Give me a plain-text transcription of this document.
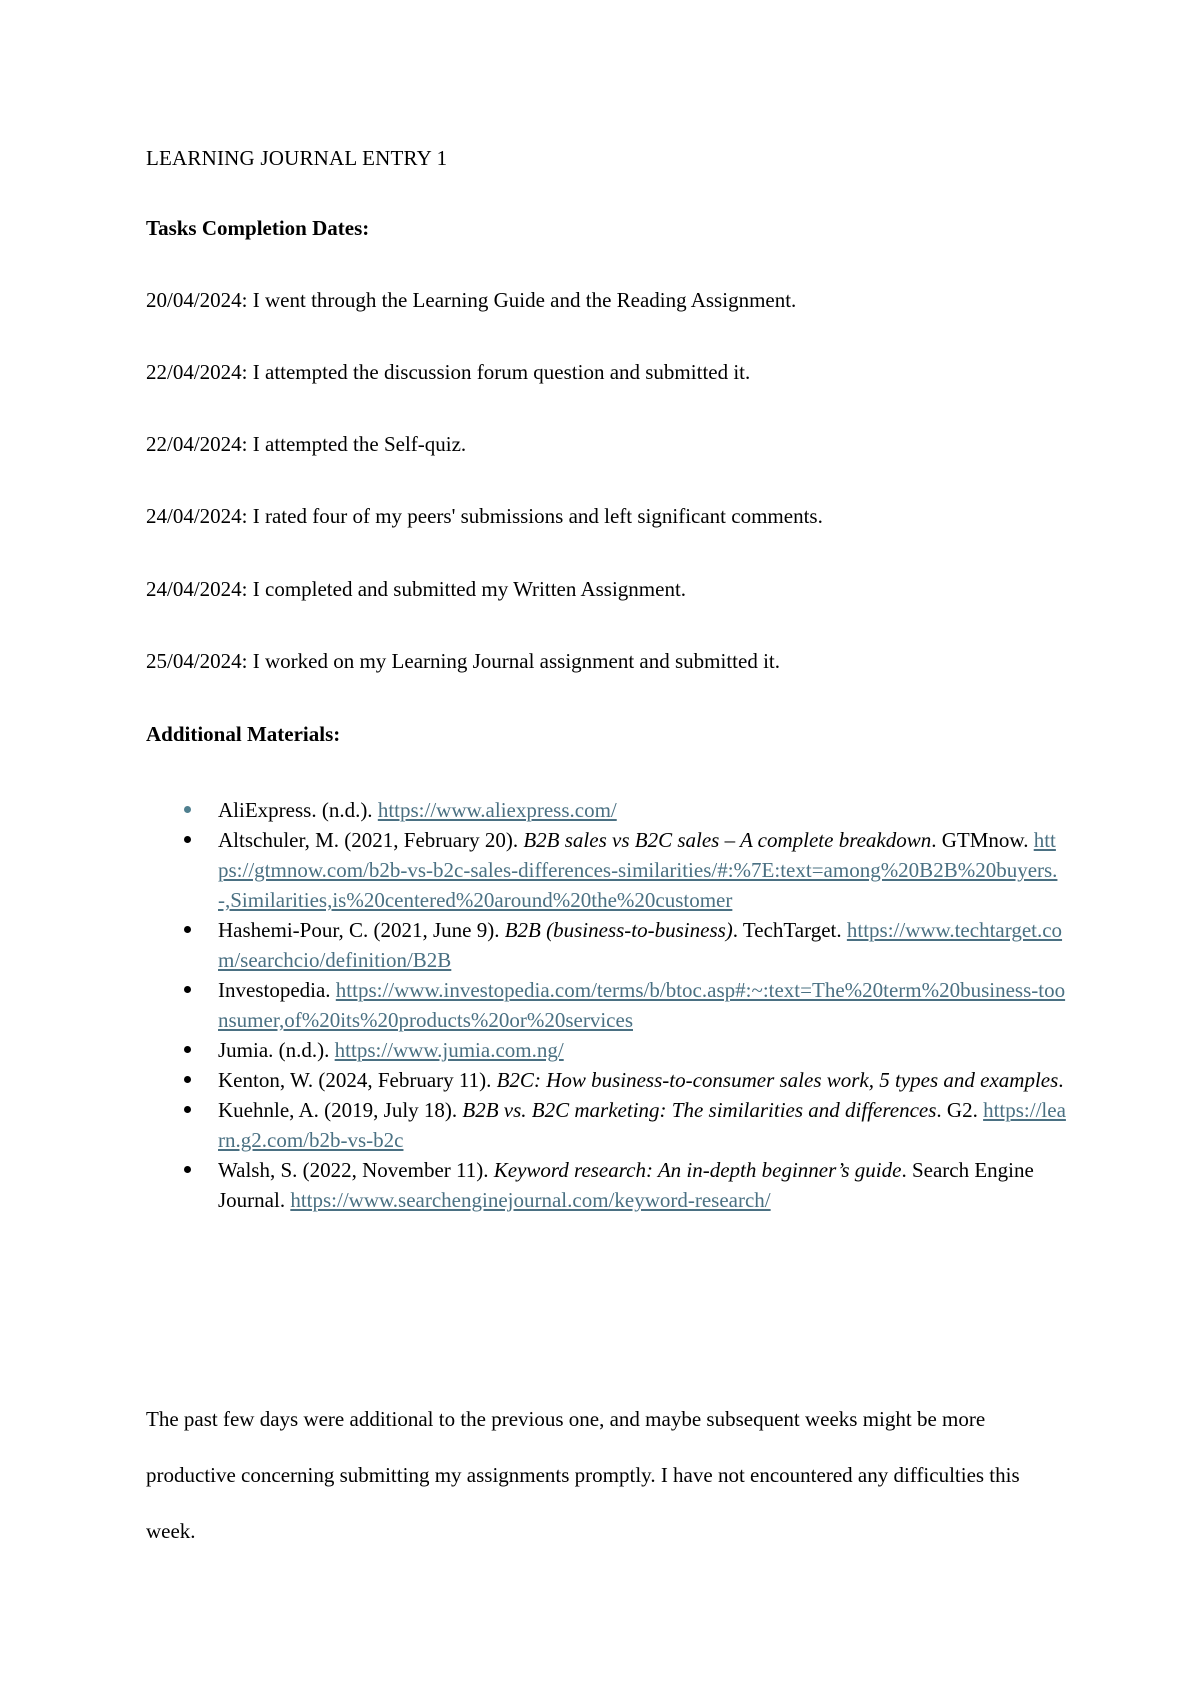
LEARNING JOURNAL ENTRY 1
Tasks Completion Dates:
20/04/2024: I went through the Learning Guide and the Reading Assignment.
22/04/2024: I attempted the discussion forum question and submitted it.
22/04/2024: I attempted the Self-quiz.
24/04/2024: I rated four of my peers' submissions and left significant comments.
24/04/2024: I completed and submitted my Written Assignment.
25/04/2024: I worked on my Learning Journal assignment and submitted it.
Additional Materials:
AliExpress. (n.d.). https://www.aliexpress.com/
Altschuler, M. (2021, February 20). B2B sales vs B2C sales – A complete breakdown. GTMnow. https://gtmnow.com/b2b-vs-b2c-sales-differences-similarities/#:%7E:text=among%20B2B%20buyers.-,Similarities,is%20centered%20around%20the%20customer
Hashemi-Pour, C. (2021, June 9). B2B (business-to-business). TechTarget. https://www.techtarget.com/searchcio/definition/B2B
Investopedia. https://www.investopedia.com/terms/b/btoc.asp#:~:text=The%20term%20business-toonsumer,of%20its%20products%20or%20services
Jumia. (n.d.). https://www.jumia.com.ng/
Kenton, W. (2024, February 11). B2C: How business-to-consumer sales work, 5 types and examples.
Kuehnle, A. (2019, July 18). B2B vs. B2C marketing: The similarities and differences. G2. https://learn.g2.com/b2b-vs-b2c
Walsh, S. (2022, November 11). Keyword research: An in-depth beginner’s guide. Search Engine Journal. https://www.searchenginejournal.com/keyword-research/

The past few days were additional to the previous one, and maybe subsequent weeks might be more productive concerning submitting my assignments promptly. I have not encountered any difficulties this week.
